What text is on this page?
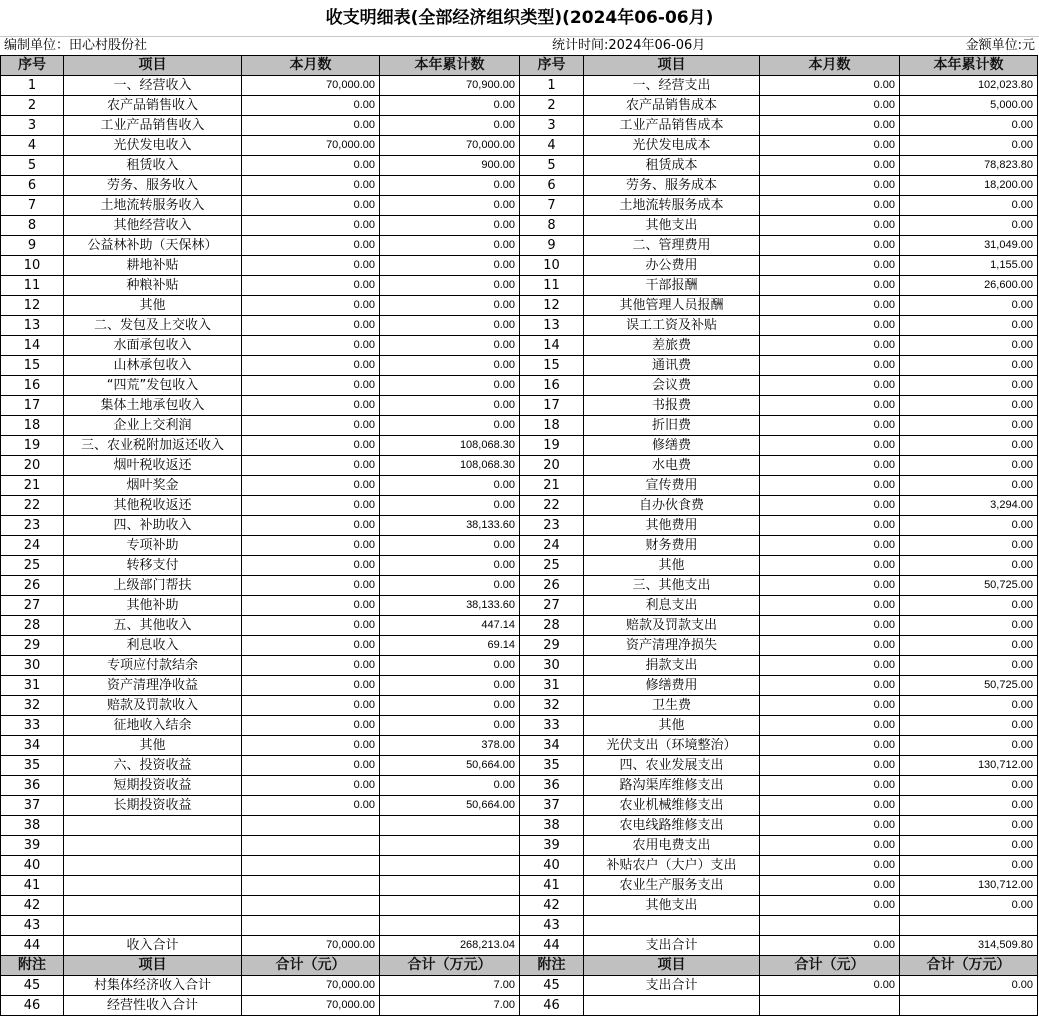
收支明细表(全部经济组织类型)(2024年06-06月)
编制单位：田心村股份社	统计时间:2024年06-06月	金额单位:元
序号	项目	本月数	本年累计数	序号	项目	本月数	本年累计数
1	一、经营收入	70,000.00	70,900.00	1	一、经营支出	0.00	102,023.80
2	农产品销售收入	0.00	0.00	2	农产品销售成本	0.00	5,000.00
3	工业产品销售收入	0.00	0.00	3	工业产品销售成本	0.00	0.00
4	光伏发电收入	70,000.00	70,000.00	4	光伏发电成本	0.00	0.00
5	租赁收入	0.00	900.00	5	租赁成本	0.00	78,823.80
6	劳务、服务收入	0.00	0.00	6	劳务、服务成本	0.00	18,200.00
7	土地流转服务收入	0.00	0.00	7	土地流转服务成本	0.00	0.00
8	其他经营收入	0.00	0.00	8	其他支出	0.00	0.00
9	公益林补助（天保林）	0.00	0.00	9	二、管理费用	0.00	31,049.00
10	耕地补贴	0.00	0.00	10	办公费用	0.00	1,155.00
11	种粮补贴	0.00	0.00	11	干部报酬	0.00	26,600.00
12	其他	0.00	0.00	12	其他管理人员报酬	0.00	0.00
13	二、发包及上交收入	0.00	0.00	13	误工工资及补贴	0.00	0.00
14	水面承包收入	0.00	0.00	14	差旅费	0.00	0.00
15	山林承包收入	0.00	0.00	15	通讯费	0.00	0.00
16	“四荒”发包收入	0.00	0.00	16	会议费	0.00	0.00
17	集体土地承包收入	0.00	0.00	17	书报费	0.00	0.00
18	企业上交利润	0.00	0.00	18	折旧费	0.00	0.00
19	三、农业税附加返还收入	0.00	108,068.30	19	修缮费	0.00	0.00
20	烟叶税收返还	0.00	108,068.30	20	水电费	0.00	0.00
21	烟叶奖金	0.00	0.00	21	宣传费用	0.00	0.00
22	其他税收返还	0.00	0.00	22	自办伙食费	0.00	3,294.00
23	四、补助收入	0.00	38,133.60	23	其他费用	0.00	0.00
24	专项补助	0.00	0.00	24	财务费用	0.00	0.00
25	转移支付	0.00	0.00	25	其他	0.00	0.00
26	上级部门帮扶	0.00	0.00	26	三、其他支出	0.00	50,725.00
27	其他补助	0.00	38,133.60	27	利息支出	0.00	0.00
28	五、其他收入	0.00	447.14	28	赔款及罚款支出	0.00	0.00
29	利息收入	0.00	69.14	29	资产清理净损失	0.00	0.00
30	专项应付款结余	0.00	0.00	30	捐款支出	0.00	0.00
31	资产清理净收益	0.00	0.00	31	修缮费用	0.00	50,725.00
32	赔款及罚款收入	0.00	0.00	32	卫生费	0.00	0.00
33	征地收入结余	0.00	0.00	33	其他	0.00	0.00
34	其他	0.00	378.00	34	光伏支出（环境整治）	0.00	0.00
35	六、投资收益	0.00	50,664.00	35	四、农业发展支出	0.00	130,712.00
36	短期投资收益	0.00	0.00	36	路沟渠库维修支出	0.00	0.00
37	长期投资收益	0.00	50,664.00	37	农业机械维修支出	0.00	0.00
38				38	农电线路维修支出	0.00	0.00
39				39	农用电费支出	0.00	0.00
40				40	补贴农户（大户）支出	0.00	0.00
41				41	农业生产服务支出	0.00	130,712.00
42				42	其他支出	0.00	0.00
43				43			
44	收入合计	70,000.00	268,213.04	44	支出合计	0.00	314,509.80
附注	项目	合计（元）	合计（万元）	附注	项目	合计（元）	合计（万元）
45	村集体经济收入合计	70,000.00	7.00	45	支出合计	0.00	0.00
46	经营性收入合计	70,000.00	7.00	46			
